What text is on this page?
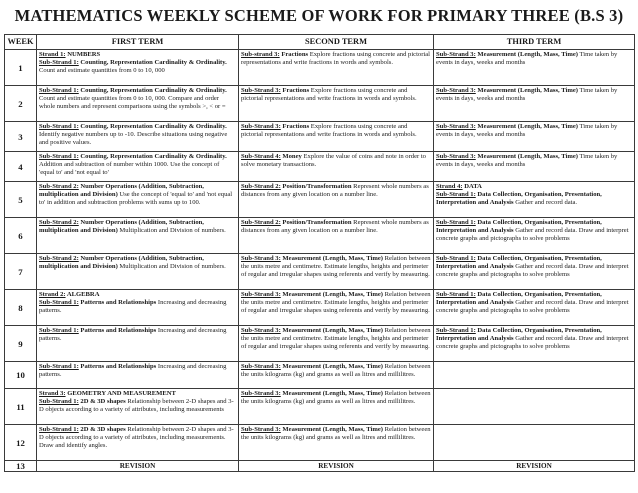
MATHEMATICS WEEKLY SCHEME OF WORK FOR PRIMARY THREE (B.S 3)
WEEK	FIRST TERM	SECOND TERM	THIRD TERM
1	Strand 1: NUMBERS
Sub-Strand 1: Counting, Representation Cardinality & Ordinality. Count and estimate quantities from 0 to 10, 000	Sub-strand 3: Fractions Explore fractions using concrete and pictorial representations and write fractions in words and symbols.	Sub-Strand 3: Measurement (Length, Mass, Time) Time taken by events in days, weeks and months

2	Sub-Strand 1: Counting, Representation Cardinality & Ordinality. Count and estimate quantities from 0 to 10, 000. Compare and order whole numbers and represent comparisons using the symbols >, < or =	Sub-Strand 3: Fractions Explore fractions using concrete and pictorial representations and write fractions in words and symbols.	Sub-Strand 3: Measurement (Length, Mass, Time) Time taken by events in days, weeks and months

3	Sub-Strand 1: Counting, Representation Cardinality & Ordinality. Identify negative numbers up to -10. Describe situations using negative and positive values.	Sub-Strand 3: Fractions Explore fractions using concrete and pictorial representations and write fractions in words and symbols.	Sub-Strand 3: Measurement (Length, Mass, Time) Time taken by events in days, weeks and months

4	Sub-Strand 1: Counting, Representation Cardinality & Ordinality. Addition and subtraction of number within 1000. Use the concept of 'equal to' and 'not equal to'	Sub-Strand 4: Money Explore the value of coins and note in order to solve monetary transactions.	Sub-Strand 3: Measurement (Length, Mass, Time) Time taken by events in days, weeks and months

5	Sub-Strand 2: Number Operations (Addition, Subtraction, multiplication and Division) Use the concept of 'equal to' and 'not equal to' in addition and subtraction problems with sums up to 100.	Sub-Strand 2: Position/Transformation Represent whole numbers as distances from any given location on a number line.	Strand 4: DATA
Sub-Strand 1: Data Collection, Organisation, Presentation, Interpretation and Analysis Gather and record data.

6	Sub-Strand 2: Number Operations (Addition, Subtraction, multiplication and Division) Multiplication and Division of numbers.	Sub-Strand 2: Position/Transformation Represent whole numbers as distances from any given location on a number line.	Sub-Strand 1: Data Collection, Organisation, Presentation, Interpretation and Analysis Gather and record data. Draw and interpret concrete graphs and pictographs to solve problems

7	Sub-Strand 2: Number Operations (Addition, Subtraction, multiplication and Division) Multiplication and Division of numbers.	Sub-Strand 3: Measurement (Length, Mass, Time) Relation between the units metre and centimetre. Estimate lengths, heights and perimeter of regular and irregular shapes using referents and verify by measuring.	Sub-Strand 1: Data Collection, Organisation, Presentation, Interpretation and Analysis Gather and record data. Draw and interpret concrete graphs and pictographs to solve problems

8	Strand 2: ALGEBRA
Sub-Strand 1: Patterns and Relationships Increasing and decreasing patterns.	Sub-Strand 3: Measurement (Length, Mass, Time) Relation between the units metre and centimetre. Estimate lengths, heights and perimeter of regular and irregular shapes using referents and verify by measuring.	Sub-Strand 1: Data Collection, Organisation, Presentation, Interpretation and Analysis Gather and record data. Draw and interpret concrete graphs and pictographs to solve problems

9	Sub-Strand 1: Patterns and Relationships Increasing and decreasing patterns.	Sub-Strand 3: Measurement (Length, Mass, Time) Relation between the units metre and centimetre. Estimate lengths, heights and perimeter of regular and irregular shapes using referents and verify by measuring.	Sub-Strand 1: Data Collection, Organisation, Presentation, Interpretation and Analysis Gather and record data. Draw and interpret concrete graphs and pictographs to solve problems

10	Sub-Strand 1: Patterns and Relationships Increasing and decreasing patterns.	Sub-Strand 3: Measurement (Length, Mass, Time) Relation between the units kilograms (kg) and grams as well as litres and millilitres.	

11	Strand 3: GEOMETRY AND MEASUREMENT
Sub-Strand 1: 2D & 3D shapes Relationship between 2-D shapes and 3-D objects according to a variety of attributes, including measurements	Sub-Strand 3: Measurement (Length, Mass, Time) Relation between the units kilograms (kg) and grams as well as litres and millilitres.	

12	Sub-Strand 1: 2D & 3D shapes Relationship between 2-D shapes and 3-D objects according to a variety of attributes, including measurements. Draw and identify angles.	Sub-Strand 3: Measurement (Length, Mass, Time) Relation between the units kilograms (kg) and grams as well as litres and millilitres.	

13	REVISION	REVISION	REVISION
